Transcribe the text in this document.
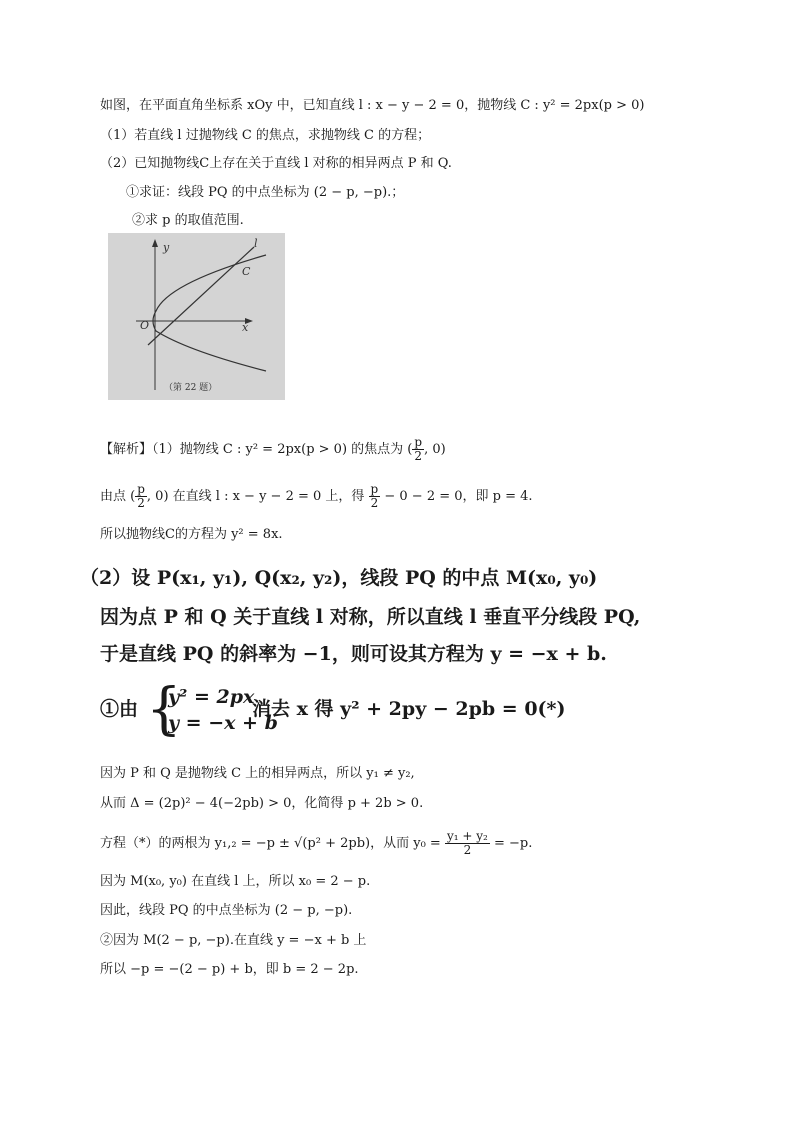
如图，在平面直角坐标系 xOy 中，已知直线 l : x − y − 2 = 0，抛物线 C : y² = 2px(p > 0)
（1）若直线 l 过抛物线 C 的焦点，求抛物线 C 的方程；
（2）已知抛物线C上存在关于直线 l 对称的相异两点 P 和 Q.
①求证：线段 PQ 的中点坐标为 (2 − p, −p).；
②求 p 的取值范围.
y
x
O
l
C
（第 22 题）
【解析】（1）抛物线 C : y² = 2px(p > 0) 的焦点为 ( $\frac{p}{2}$ , 0)
由点 ( $\frac{p}{2}$ , 0) 在直线 l : x − y − 2 = 0 上，得 $\frac{p}{2} - 0 - 2 = 0$，即 p = 4.
所以抛物线C的方程为 y² = 8x.
（2）设 P(x₁, y₁), Q(x₂, y₂)，线段 PQ 的中点 M(x₀, y₀)
因为点 P 和 Q 关于直线 l 对称，所以直线 l 垂直平分线段 PQ,
于是直线 PQ 的斜率为 −1，则可设其方程为 y = −x + b.
①由 {
y² = 2px
y = −x + b
消去 x 得 y² + 2py − 2pb = 0(*)
因为 P 和 Q 是抛物线 C 上的相异两点，所以 y₁ ≠ y₂,
从而 Δ = (2p)² − 4(−2pb) > 0，化简得 p + 2b > 0.
方程（*）的两根为 y₁,₂ = −p ± √(p² + 2pb)，从而 $y_0 = \frac{\text{y₁ + y₂}}{2} = -p$.
因为 M(x₀, y₀) 在直线 l 上，所以 x₀ = 2 − p.
因此，线段 PQ 的中点坐标为 (2 − p, −p).
②因为 M(2 − p, −p).在直线 y = −x + b 上
所以 −p = −(2 − p) + b，即 b = 2 − 2p.
